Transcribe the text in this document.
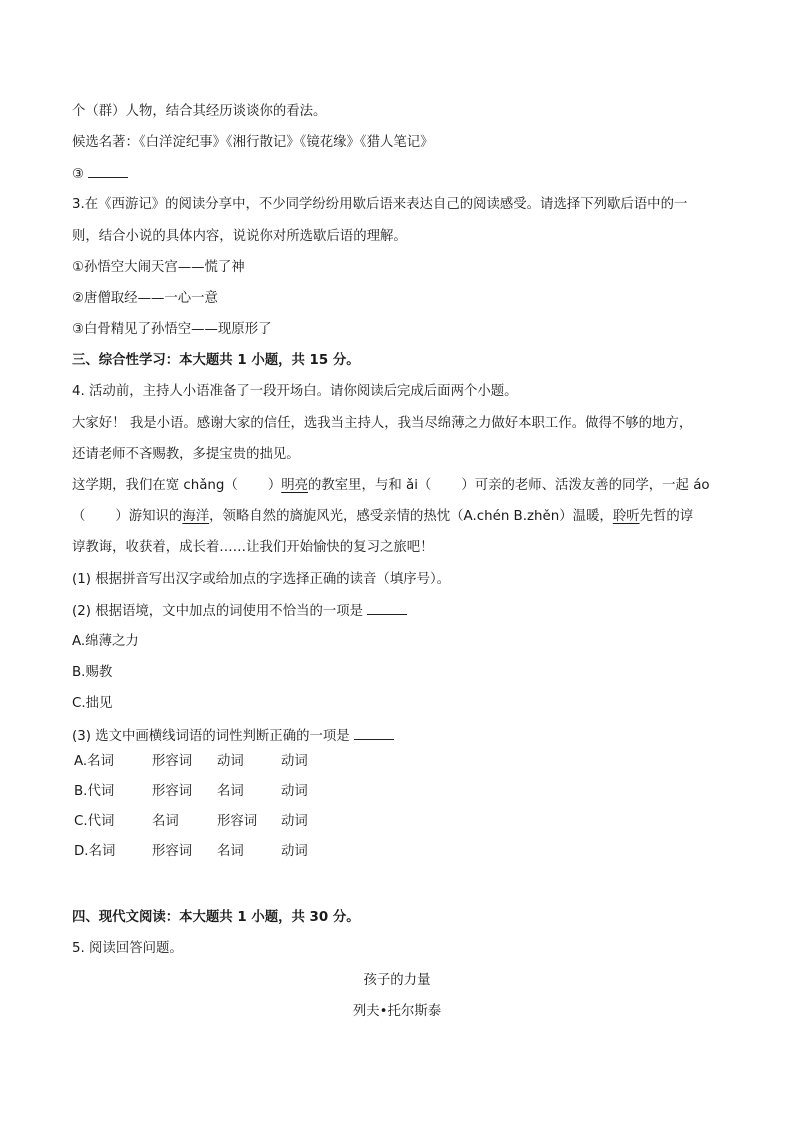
个（群）人物，结合其经历谈谈你的看法。
候选名著：《白洋淀纪事》《湘行散记》《镜花缘》《猎人笔记》
③
3.在《西游记》的阅读分享中，不少同学纷纷用歇后语来表达自己的阅读感受。请选择下列歇后语中的一
则，结合小说的具体内容，说说你对所选歇后语的理解。
①孙悟空大闹天宫——慌了神
②唐僧取经——一心一意
③白骨精见了孙悟空——现原形了
三、综合性学习：本大题共 1 小题，共 15 分。
4. 活动前，主持人小语准备了一段开场白。请你阅读后完成后面两个小题。
大家好！ 我是小语。感谢大家的信任，选我当主持人，我当尽绵薄之力做好本职工作。做得不够的地方，
还请老师不吝赐教，多提宝贵的拙见。
这学期，我们在宽 chǎng（ ）明亮的教室里，与和 ǎi（ ）可亲的老师、活泼友善的同学，一起 áo
（ ）游知识的海洋，领略自然的旖旎风光，感受亲情的热忱（A.chén B.zhěn）温暖，聆听先哲的谆
谆教诲，收获着，成长着……让我们开始愉快的复习之旅吧！
(1) 根据拼音写出汉字或给加点的字选择正确的读音（填序号）。
(2) 根据语境，文中加点的词使用不恰当的一项是
A.绵薄之力
B.赐教
C.拙见
(3) 选文中画横线词语的词性判断正确的一项是
A.名词	形容词 动词	动词
B.代词	形容词 名词	动词
C.代词	名词	形容词 动词
D.名词	形容词 名词	动词
四、现代文阅读：本大题共 1 小题，共 30 分。
5. 阅读回答问题。
孩子的力量
列夫•托尔斯泰
